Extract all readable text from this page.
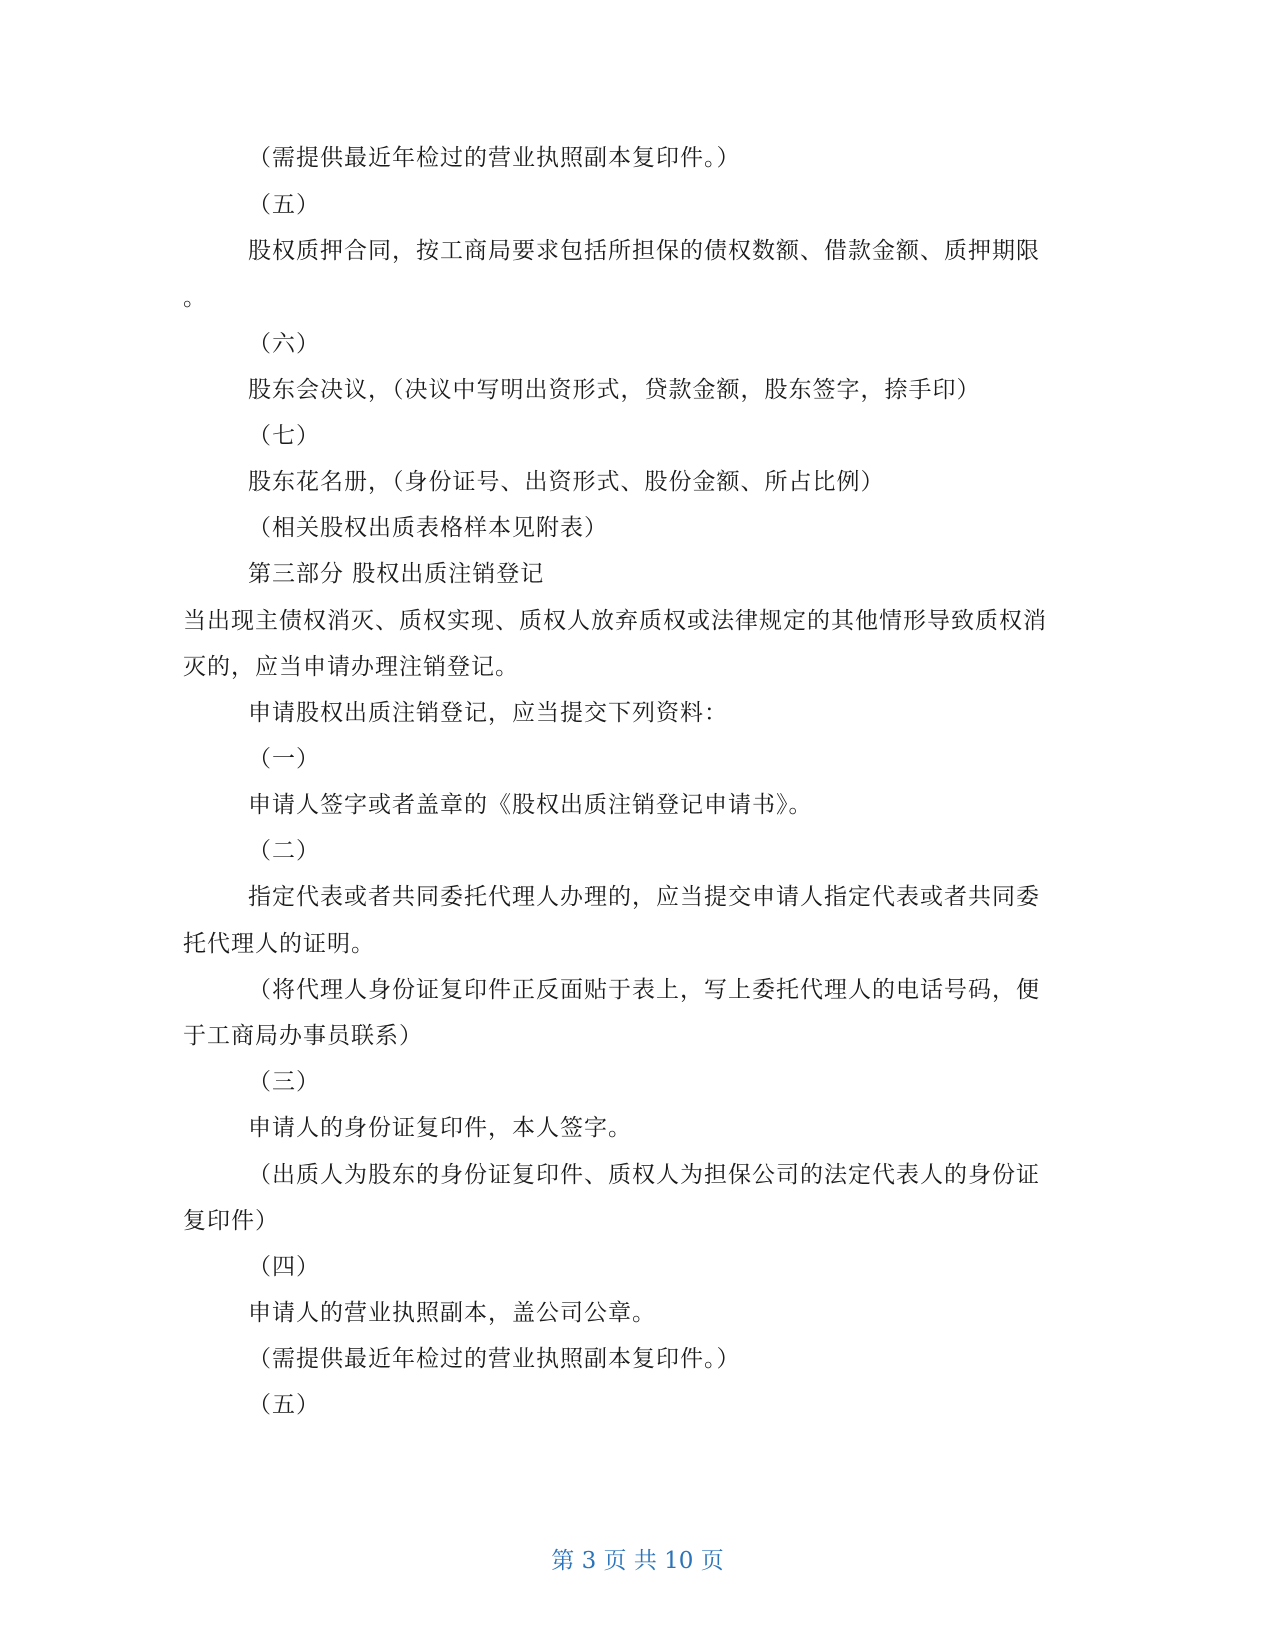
（需提供最近年检过的营业执照副本复印件。）
（五）
股权质押合同，按工商局要求包括所担保的债权数额、借款金额、质押期限
。
（六）
股东会决议，（决议中写明出资形式，贷款金额，股东签字，捺手印）
（七）
股东花名册，（身份证号、出资形式、股份金额、所占比例）
（相关股权出质表格样本见附表）
第三部分 股权出质注销登记
当出现主债权消灭、质权实现、质权人放弃质权或法律规定的其他情形导致质权消
灭的，应当申请办理注销登记。
申请股权出质注销登记，应当提交下列资料：
（一）
申请人签字或者盖章的《股权出质注销登记申请书》。
（二）
指定代表或者共同委托代理人办理的，应当提交申请人指定代表或者共同委
托代理人的证明。
（将代理人身份证复印件正反面贴于表上，写上委托代理人的电话号码，便
于工商局办事员联系）
（三）
申请人的身份证复印件，本人签字。
（出质人为股东的身份证复印件、质权人为担保公司的法定代表人的身份证
复印件）
（四）
申请人的营业执照副本，盖公司公章。
（需提供最近年检过的营业执照副本复印件。）
（五）
第 3 页 共 10 页
